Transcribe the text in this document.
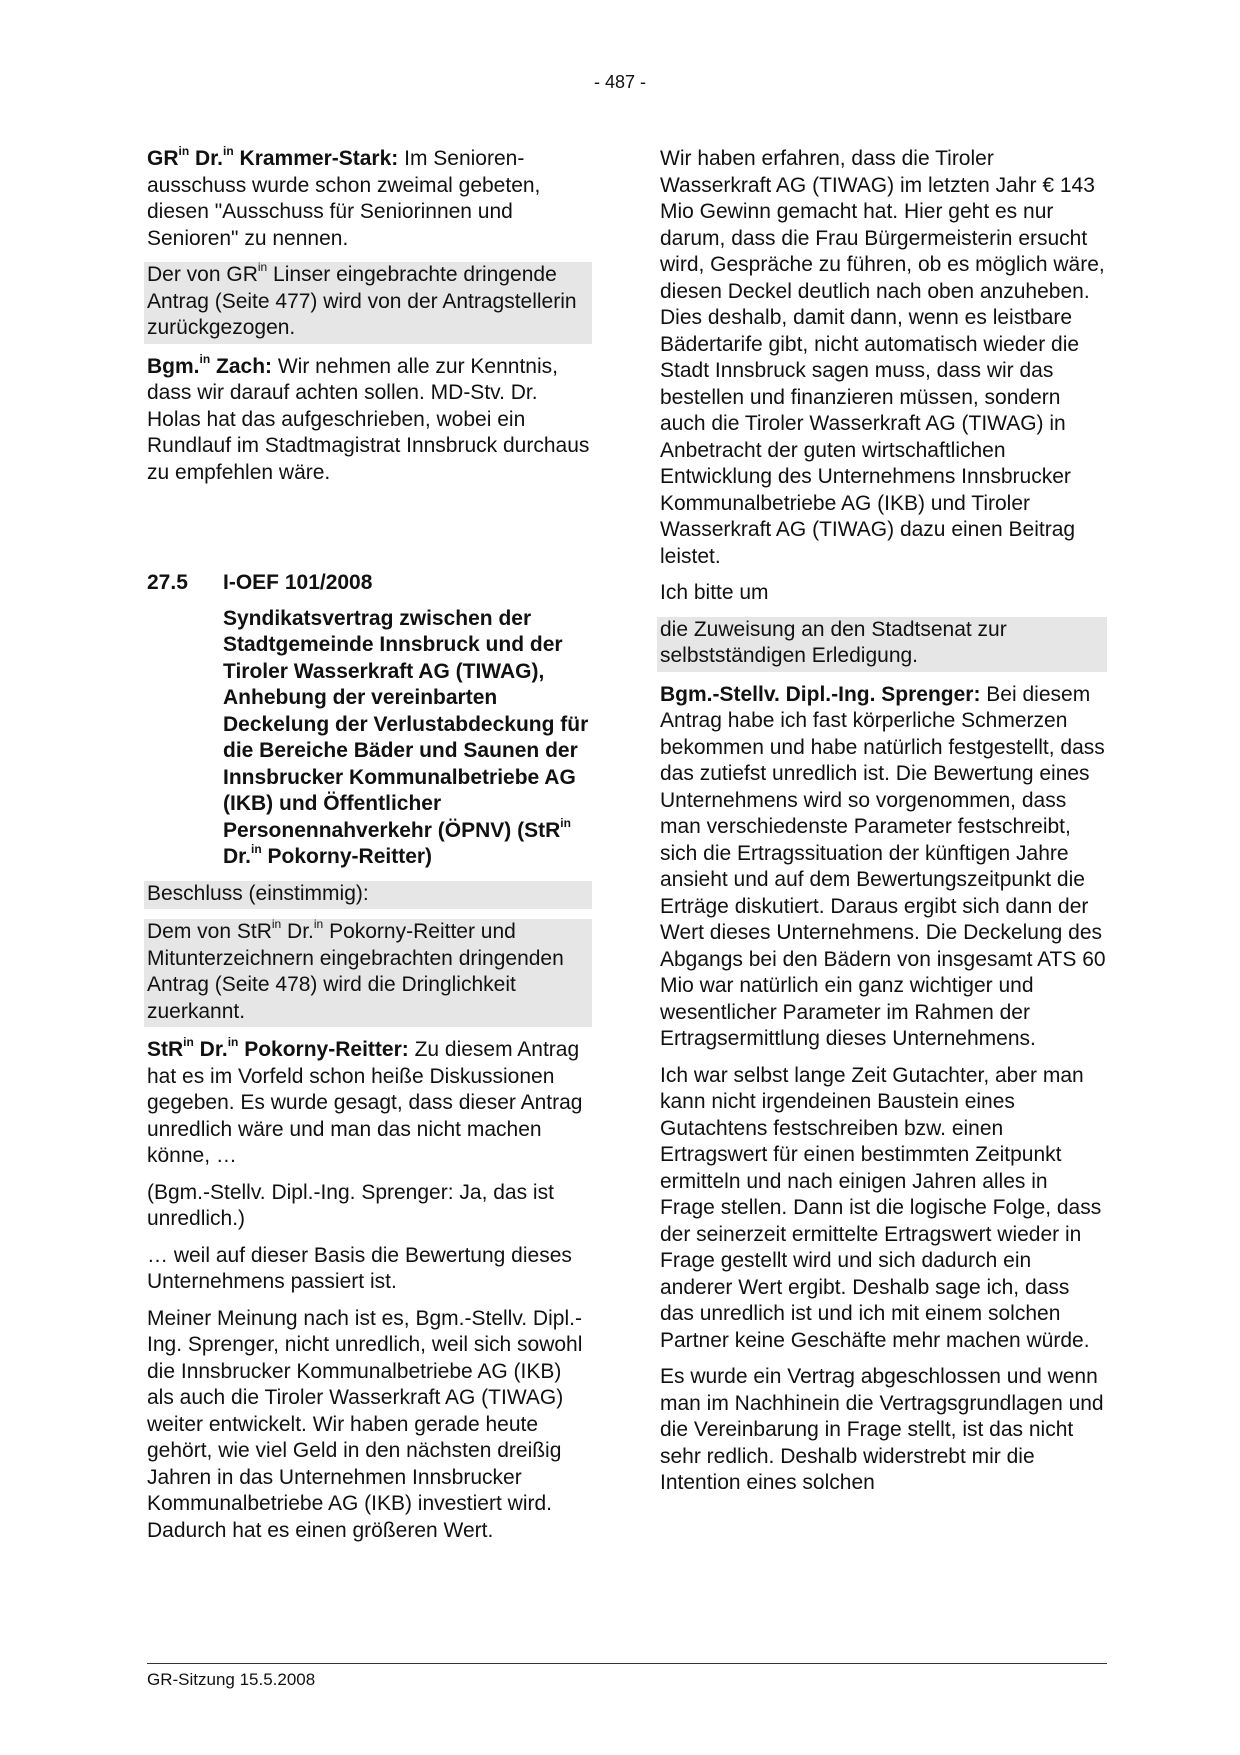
- 487 -

$GR^{in}$ Dr.$^{in}$ Krammer-Stark: Im Senioren-ausschuss wurde schon zweimal gebeten, diesen "Ausschuss für Seniorinnen und Senioren" zu nennen.

Der von $GR^{in}$ Linser eingebrachte dringende Antrag (Seite 477) wird von der Antragstellerin zurückgezogen.

Bgm.$^{in}$ Zach: Wir nehmen alle zur Kenntnis, dass wir darauf achten sollen. MD-Stv. Dr. Holas hat das aufgeschrieben, wobei ein Rundlauf im Stadtmagistrat Innsbruck durchaus zu empfehlen wäre.

27.5	I-OEF 101/2008

Syndikatsvertrag zwischen der Stadtgemeinde Innsbruck und der Tiroler Wasserkraft AG (TIWAG), Anhebung der vereinbarten Deckelung der Verlustabdeckung für die Bereiche Bäder und Saunen der Innsbrucker Kommunalbetriebe AG (IKB) und Öffentlicher Personennahverkehr (ÖPNV) (StR$^{in}$ Dr.$^{in}$ Pokorny-Reitter)

Beschluss (einstimmig):

Dem von StR$^{in}$ Dr.$^{in}$ Pokorny-Reitter und Mitunterzeichnern eingebrachten dringenden Antrag (Seite 478) wird die Dringlichkeit zuerkannt.

StR$^{in}$ Dr.$^{in}$ Pokorny-Reitter: Zu diesem Antrag hat es im Vorfeld schon heiße Diskussionen gegeben. Es wurde gesagt, dass dieser Antrag unredlich wäre und man das nicht machen könne, …

(Bgm.-Stellv. Dipl.-Ing. Sprenger: Ja, das ist unredlich.)

… weil auf dieser Basis die Bewertung dieses Unternehmens passiert ist.

Meiner Meinung nach ist es, Bgm.-Stellv. Dipl.-Ing. Sprenger, nicht unredlich, weil sich sowohl die Innsbrucker Kommunalbetriebe AG (IKB) als auch die Tiroler Wasserkraft AG (TIWAG) weiter entwickelt. Wir haben gerade heute gehört, wie viel Geld in den nächsten dreißig Jahren in das Unternehmen Innsbrucker Kommunalbetriebe AG (IKB) investiert wird. Dadurch hat es einen größeren Wert.

Wir haben erfahren, dass die Tiroler Wasserkraft AG (TIWAG) im letzten Jahr € 143 Mio Gewinn gemacht hat. Hier geht es nur darum, dass die Frau Bürgermeisterin ersucht wird, Gespräche zu führen, ob es möglich wäre, diesen Deckel deutlich nach oben anzuheben. Dies deshalb, damit dann, wenn es leistbare Bädertarife gibt, nicht automatisch wieder die Stadt Innsbruck sagen muss, dass wir das bestellen und finanzieren müssen, sondern auch die Tiroler Wasserkraft AG (TIWAG) in Anbetracht der guten wirtschaftlichen Entwicklung des Unternehmens Innsbrucker Kommunalbetriebe AG (IKB) und Tiroler Wasserkraft AG (TIWAG) dazu einen Beitrag leistet.

Ich bitte um

die Zuweisung an den Stadtsenat zur selbstständigen Erledigung.

Bgm.-Stellv. Dipl.-Ing. Sprenger: Bei diesem Antrag habe ich fast körperliche Schmerzen bekommen und habe natürlich festgestellt, dass das zutiefst unredlich ist. Die Bewertung eines Unternehmens wird so vorgenommen, dass man verschiedenste Parameter festschreibt, sich die Ertragssituation der künftigen Jahre ansieht und auf dem Bewertungszeitpunkt die Erträge diskutiert. Daraus ergibt sich dann der Wert dieses Unternehmens. Die Deckelung des Abgangs bei den Bädern von insgesamt ATS 60 Mio war natürlich ein ganz wichtiger und wesentlicher Parameter im Rahmen der Ertragsermittlung dieses Unternehmens.

Ich war selbst lange Zeit Gutachter, aber man kann nicht irgendeinen Baustein eines Gutachtens festschreiben bzw. einen Ertragswert für einen bestimmten Zeitpunkt ermitteln und nach einigen Jahren alles in Frage stellen. Dann ist die logische Folge, dass der seinerzeit ermittelte Ertragswert wieder in Frage gestellt wird und sich dadurch ein anderer Wert ergibt. Deshalb sage ich, dass das unredlich ist und ich mit einem solchen Partner keine Geschäfte mehr machen würde.

Es wurde ein Vertrag abgeschlossen und wenn man im Nachhinein die Vertragsgrundlagen und die Vereinbarung in Frage stellt, ist das nicht sehr redlich. Deshalb widerstrebt mir die Intention eines solchen

GR-Sitzung 15.5.2008
